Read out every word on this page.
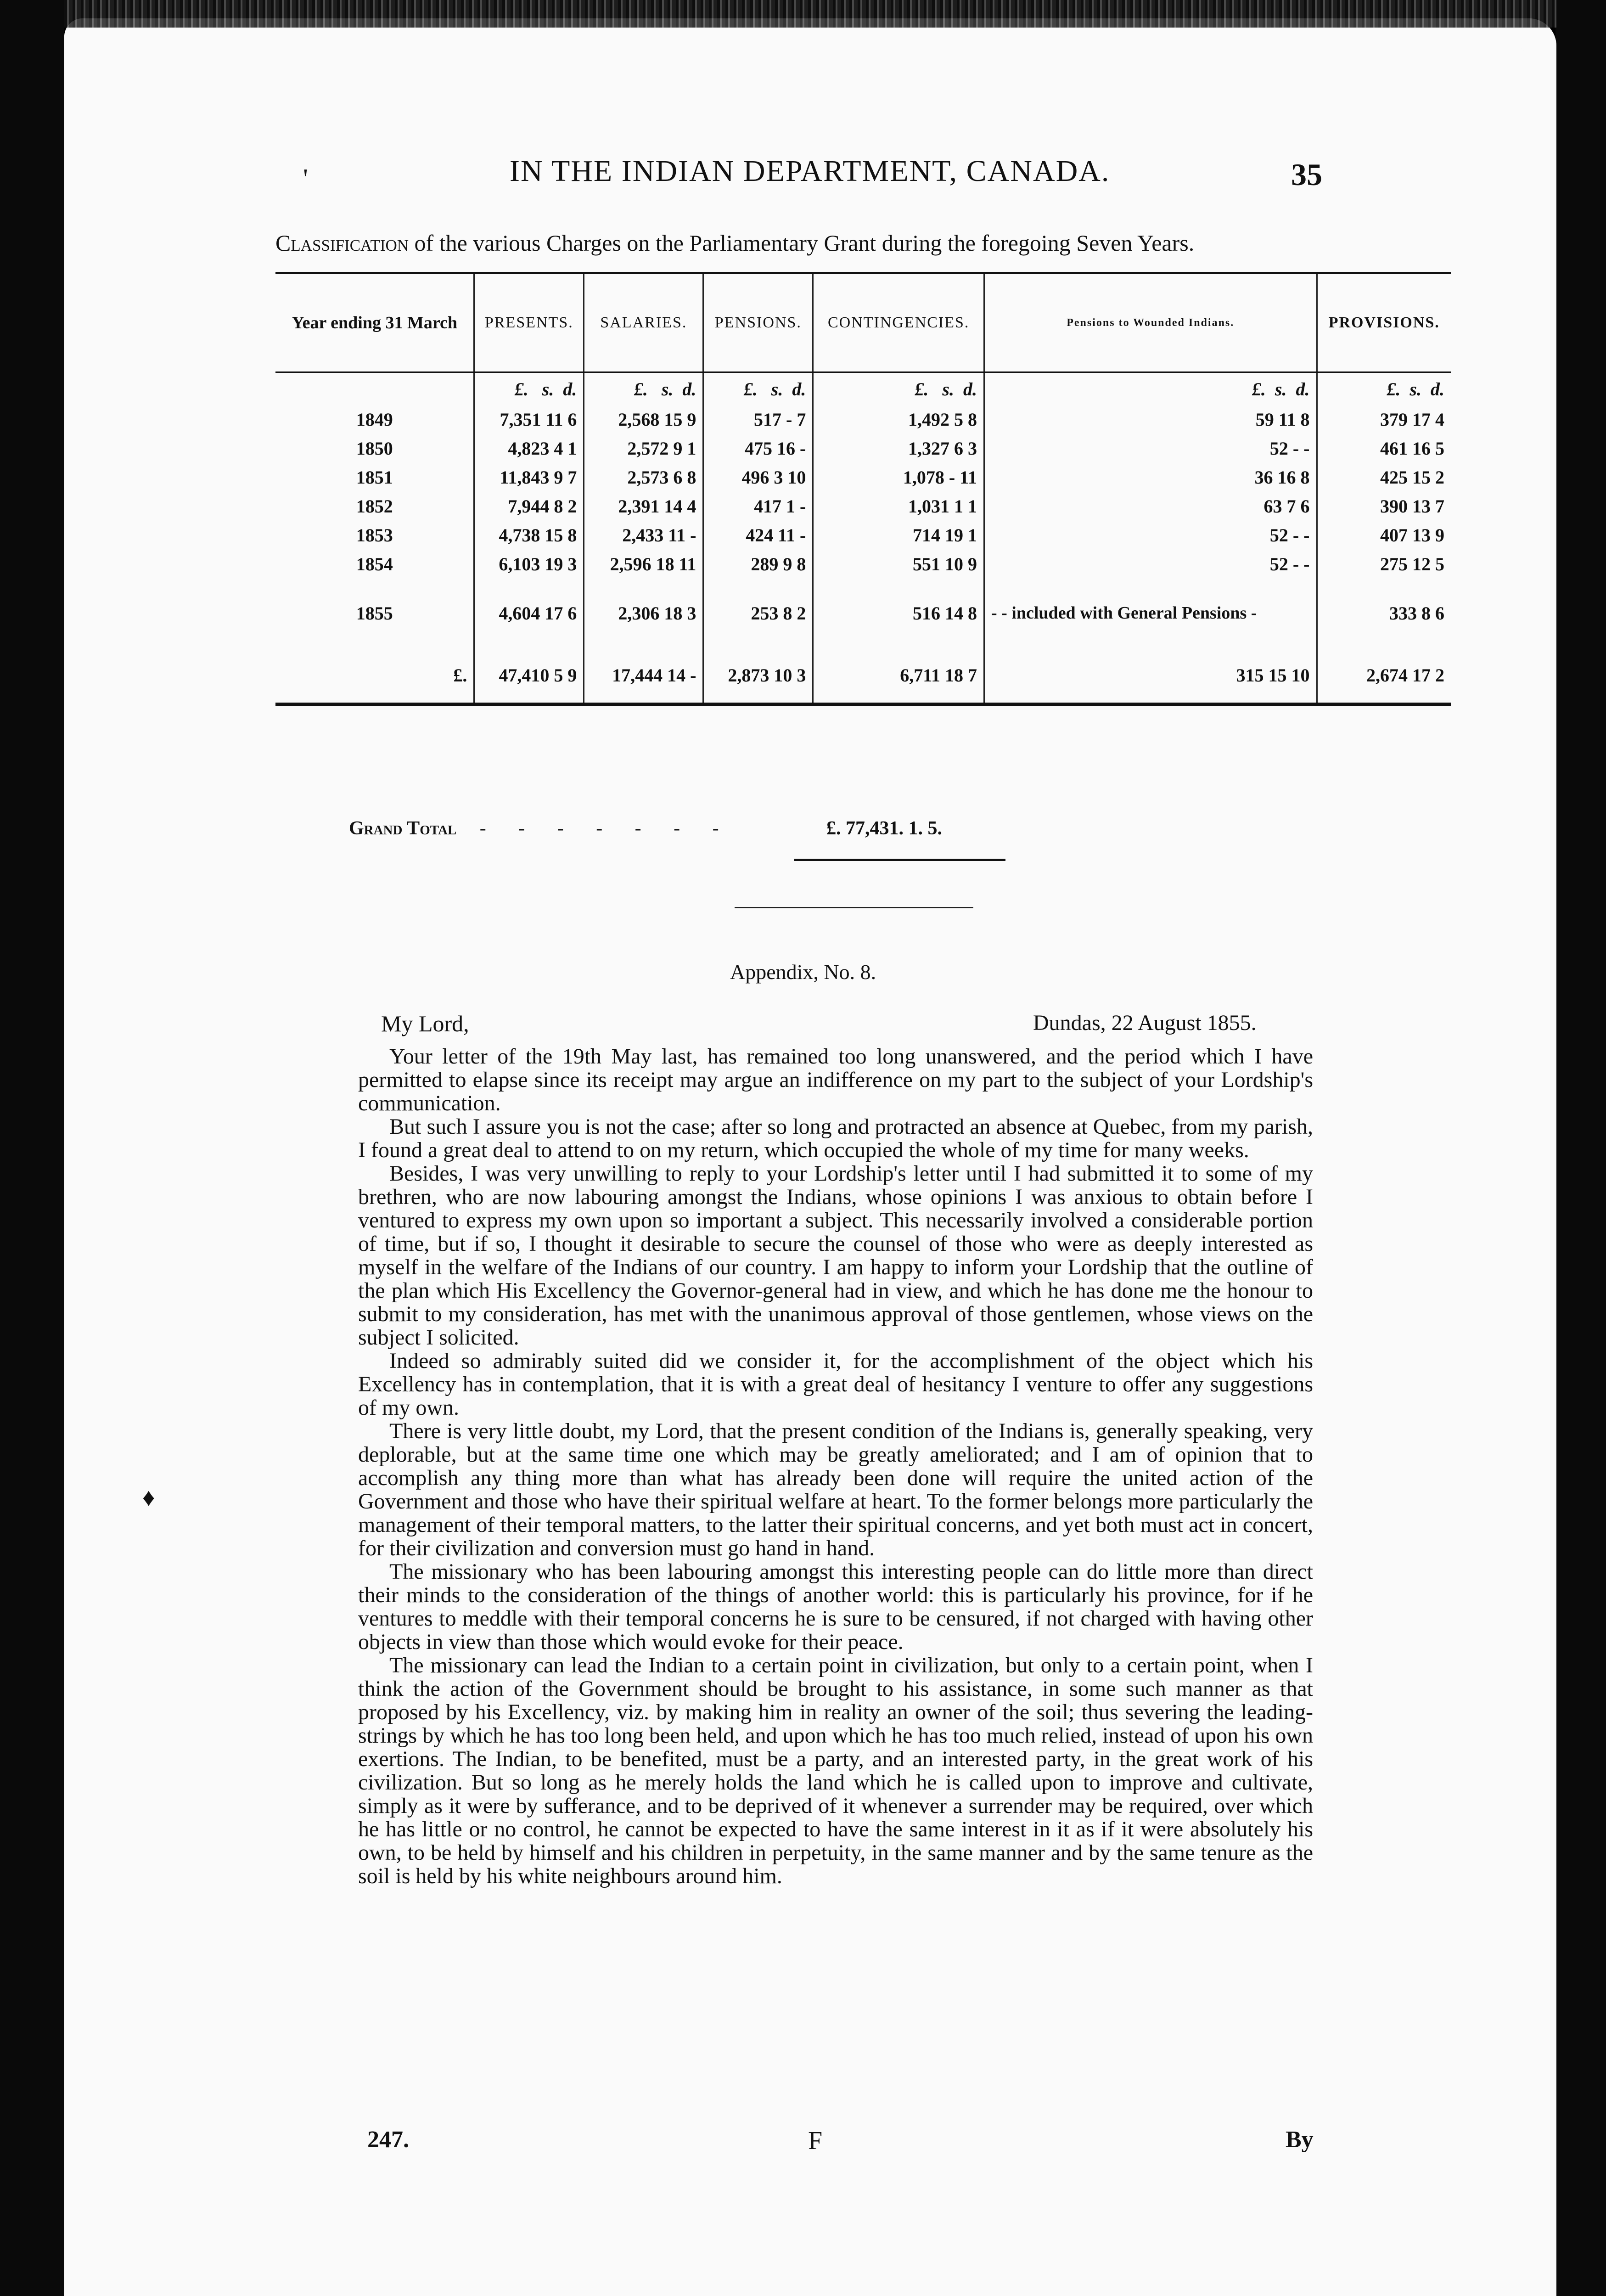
'	IN THE INDIAN DEPARTMENT, CANADA.	35
Classification of the various Charges on the Parliamentary Grant during the foregoing Seven Years.
Year ending 31 March	PRESENTS.	SALARIES.	PENSIONS.	CONTINGENCIES.	Pensions to Wounded Indians.	PROVISIONS.
	£. s. d.	£. s. d.	£. s. d.	£. s. d.	£. s. d.	£. s. d.
1849	7,351 11 6	2,568 15 9	517 - 7	1,492 5 8	59 11 8	379 17 4
1850	4,823 4 1	2,572 9 1	475 16 -	1,327 6 3	52 - -	461 16 5
1851	11,843 9 7	2,573 6 8	496 3 10	1,078 - 11	36 16 8	425 15 2
1852	7,944 8 2	2,391 14 4	417 1 -	1,031 1 1	63 7 6	390 13 7
1853	4,738 15 8	2,433 11 -	424 11 -	714 19 1	52 - -	407 13 9
1854	6,103 19 3	2,596 18 11	289 9 8	551 10 9	52 - -	275 12 5
1855	4,604 17 6	2,306 18 3	253 8 2	516 14 8	- - included with General Pensions -	333 8 6
£.	47,410 5 9	17,444 14 -	2,873 10 3	6,711 18 7	315 15 10	2,674 17 2
Grand Total - - - - - - -	£. 77,431. 1. 5.
Appendix, No. 8.
My Lord,	Dundas, 22 August 1855.

Your letter of the 19th May last, has remained too long unanswered, and the period which I have permitted to elapse since its receipt may argue an indifference on my part to the subject of your Lordship's communication.

But such I assure you is not the case; after so long and protracted an absence at Quebec, from my parish, I found a great deal to attend to on my return, which occupied the whole of my time for many weeks.

Besides, I was very unwilling to reply to your Lordship's letter until I had submitted it to some of my brethren, who are now labouring amongst the Indians, whose opinions I was anxious to obtain before I ventured to express my own upon so important a subject. This necessarily involved a considerable portion of time, but if so, I thought it desirable to secure the counsel of those who were as deeply interested as myself in the welfare of the Indians of our country. I am happy to inform your Lordship that the outline of the plan which His Excellency the Governor-general had in view, and which he has done me the honour to submit to my consideration, has met with the unanimous approval of those gentlemen, whose views on the subject I solicited.

Indeed so admirably suited did we consider it, for the accomplishment of the object which his Excellency has in contemplation, that it is with a great deal of hesitancy I venture to offer any suggestions of my own.

There is very little doubt, my Lord, that the present condition of the Indians is, generally speaking, very deplorable, but at the same time one which may be greatly ameliorated; and I am of opinion that to accomplish any thing more than what has already been done will require the united action of the Government and those who have their spiritual welfare at heart. To the former belongs more particularly the management of their temporal matters, to the latter their spiritual concerns, and yet both must act in concert, for their civilization and conversion must go hand in hand.

The missionary who has been labouring amongst this interesting people can do little more than direct their minds to the consideration of the things of another world: this is particularly his province, for if he ventures to meddle with their temporal concerns he is sure to be censured, if not charged with having other objects in view than those which would evoke for their peace.

The missionary can lead the Indian to a certain point in civilization, but only to a certain point, when I think the action of the Government should be brought to his assistance, in some such manner as that proposed by his Excellency, viz. by making him in reality an owner of the soil; thus severing the leading-strings by which he has too long been held, and upon which he has too much relied, instead of upon his own exertions. The Indian, to be benefited, must be a party, and an interested party, in the great work of his civilization. But so long as he merely holds the land which he is called upon to improve and cultivate, simply as it were by sufferance, and to be deprived of it whenever a surrender may be required, over which he has little or no control, he cannot be expected to have the same interest in it as if it were absolutely his own, to be held by himself and his children in perpetuity, in the same manner and by the same tenure as the soil is held by his white neighbours around him.

♦
247.	F	By
